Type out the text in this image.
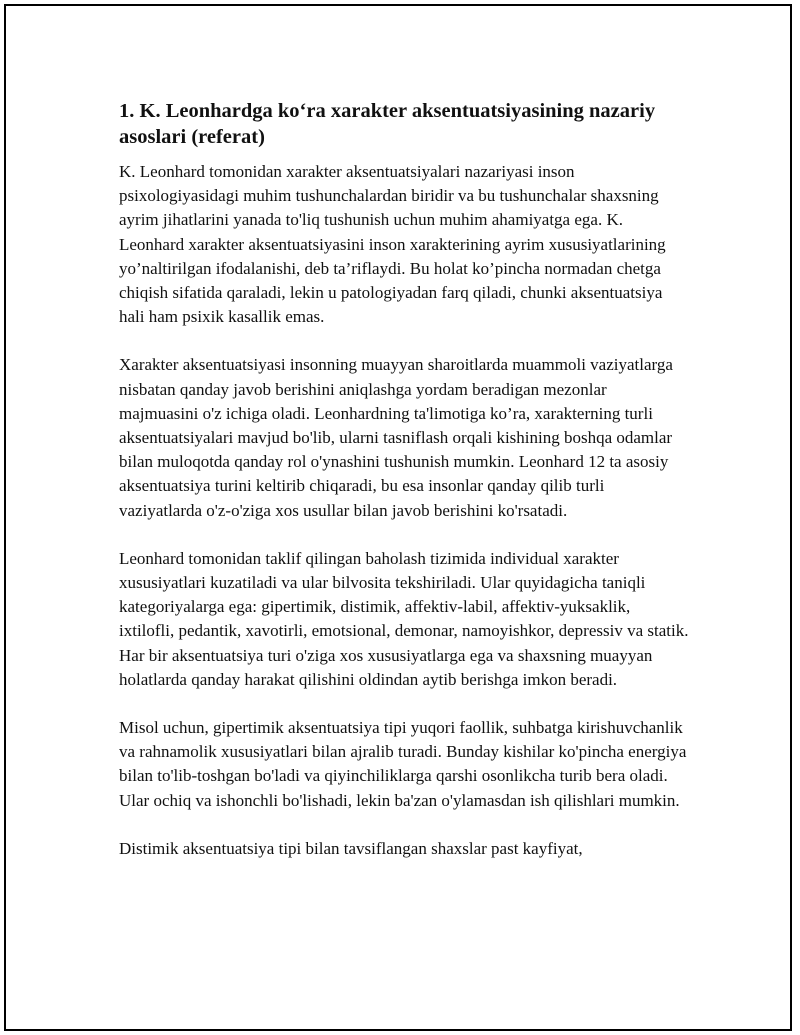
1. K. Leonhardga ko‘ra xarakter aksentuatsiyasining nazariy asoslari (referat)

K. Leonhard tomonidan xarakter aksentuatsiyalari nazariyasi inson psixologiyasidagi muhim tushunchalardan biridir va bu tushunchalar shaxsning ayrim jihatlarini yanada to'liq tushunish uchun muhim ahamiyatga ega. K. Leonhard xarakter aksentuatsiyasini inson xarakterining ayrim xususiyatlarining yo’naltirilgan ifodalanishi, deb ta’riflaydi. Bu holat ko’pincha normadan chetga chiqish sifatida qaraladi, lekin u patologiyadan farq qiladi, chunki aksentuatsiya hali ham psixik kasallik emas.

Xarakter aksentuatsiyasi insonning muayyan sharoitlarda muammoli vaziyatlarga nisbatan qanday javob berishini aniqlashga yordam beradigan mezonlar majmuasini o'z ichiga oladi. Leonhardning ta'limotiga ko’ra, xarakterning turli aksentuatsiyalari mavjud bo'lib, ularni tasniflash orqali kishining boshqa odamlar bilan muloqotda qanday rol o'ynashini tushunish mumkin. Leonhard 12 ta asosiy aksentuatsiya turini keltirib chiqaradi, bu esa insonlar qanday qilib turli vaziyatlarda o'z-o'ziga xos usullar bilan javob berishini ko'rsatadi.

Leonhard tomonidan taklif qilingan baholash tizimida individual xarakter xususiyatlari kuzatiladi va ular bilvosita tekshiriladi. Ular quyidagicha taniqli kategoriyalarga ega: gipertimik, distimik, affektiv-labil, affektiv-yuksaklik, ixtilofli, pedantik, xavotirli, emotsional, demonar, namoyishkor, depressiv va statik. Har bir aksentuatsiya turi o'ziga xos xususiyatlarga ega va shaxsning muayyan holatlarda qanday harakat qilishini oldindan aytib berishga imkon beradi.

Misol uchun, gipertimik aksentuatsiya tipi yuqori faollik, suhbatga kirishuvchanlik va rahnamolik xususiyatlari bilan ajralib turadi. Bunday kishilar ko'pincha energiya bilan to'lib-toshgan bo'ladi va qiyinchiliklarga qarshi osonlikcha turib bera oladi. Ular ochiq va ishonchli bo'lishadi, lekin ba'zan o'ylamasdan ish qilishlari mumkin.

Distimik aksentuatsiya tipi bilan tavsiflangan shaxslar past kayfiyat,
